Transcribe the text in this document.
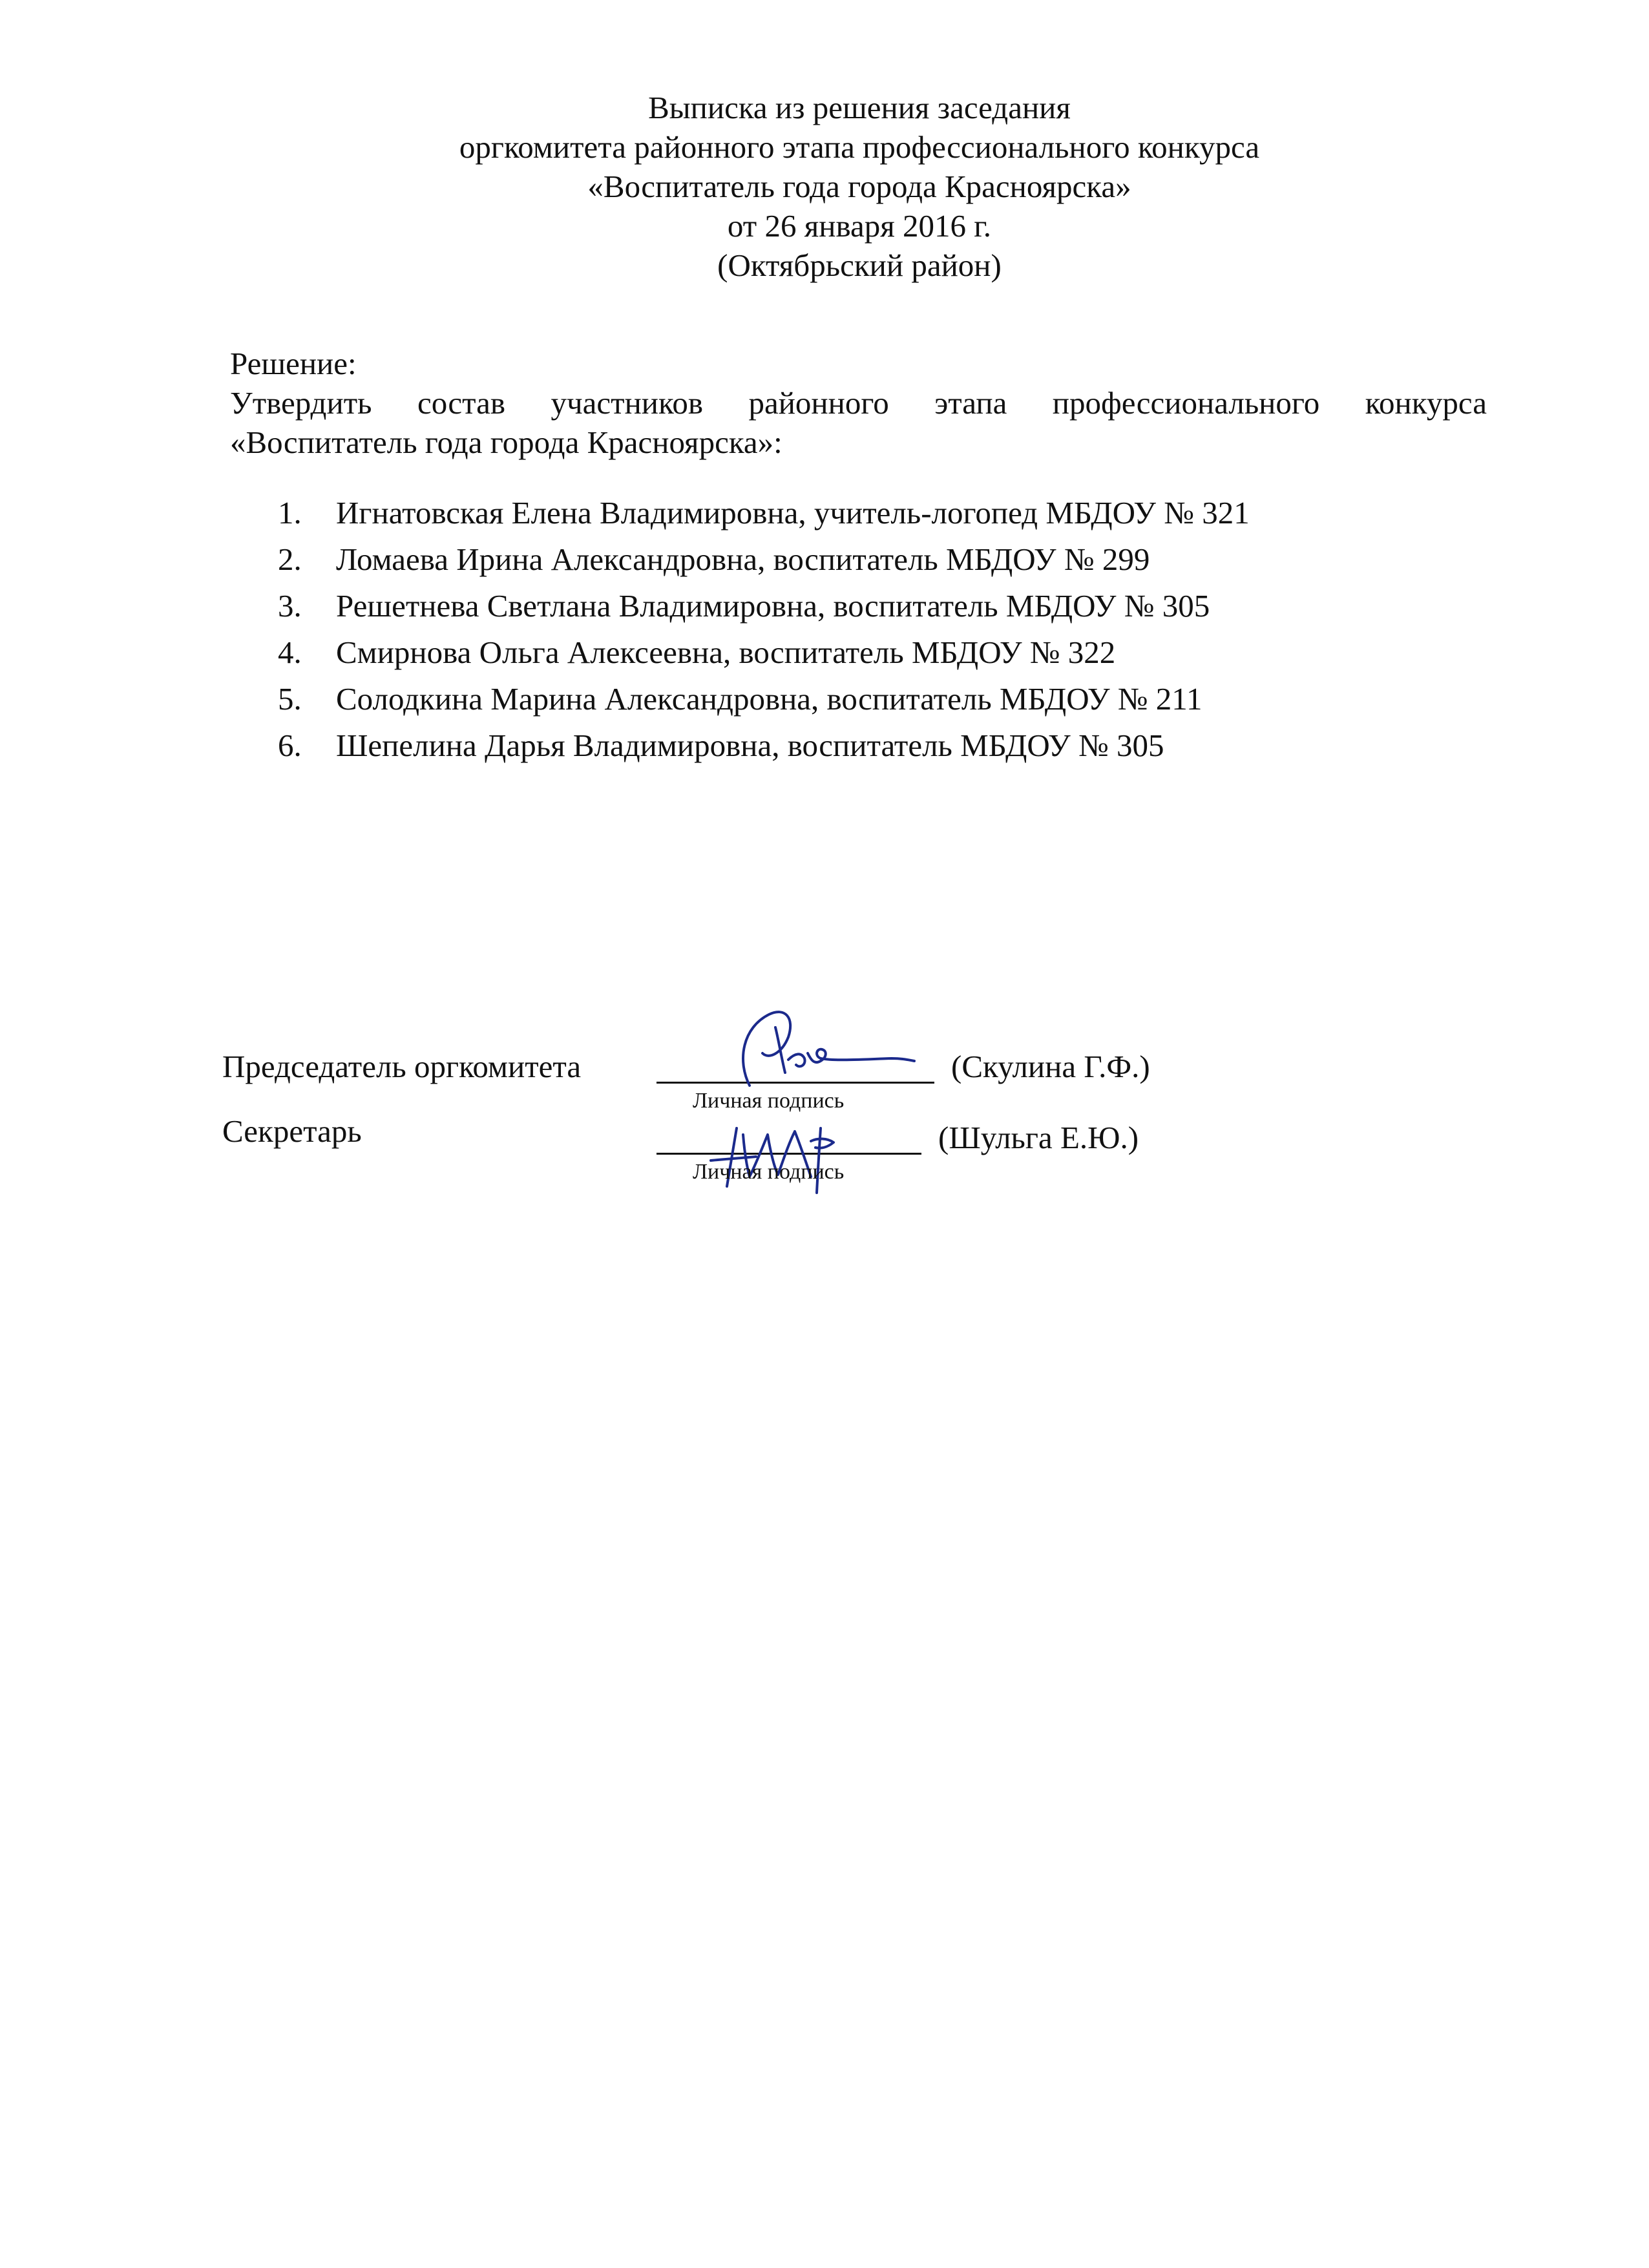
Выписка из решения заседания
оргкомитета районного этапа профессионального конкурса
«Воспитатель года города Красноярска»
от 26 января 2016 г.
(Октябрьский район)
Решение:
Утвердить состав участников районного этапа профессионального конкурса
«Воспитатель года города Красноярска»:
1. Игнатовская Елена Владимировна, учитель-логопед МБДОУ № 321
2. Ломаева Ирина Александровна, воспитатель МБДОУ № 299
3. Решетнева Светлана Владимировна, воспитатель МБДОУ № 305
4. Смирнова Ольга Алексеевна, воспитатель МБДОУ № 322
5. Солодкина Марина Александровна, воспитатель МБДОУ № 211
6. Шепелина Дарья Владимировна, воспитатель МБДОУ № 305
Председатель оргкомитета	(Скулина Г.Ф.)
Личная подпись
Секретарь	(Шульга Е.Ю.)
Личная подпись
